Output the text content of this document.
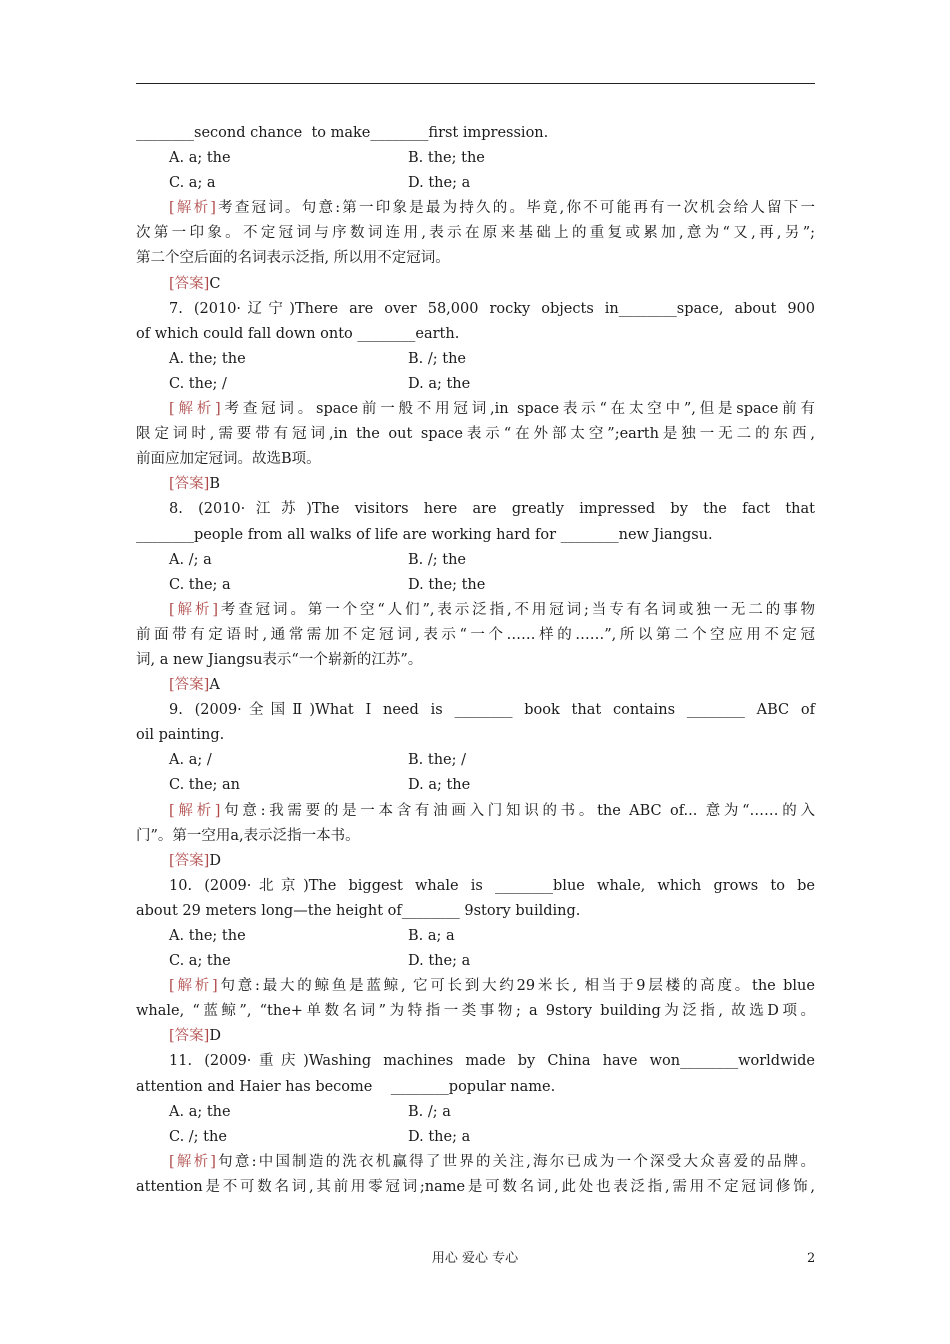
________second chance  to make________first impression.
A. a; the	B. the; the
C. a; a	D. the; a
[解析]考查冠词。句意:第一印象是最为持久的。毕竟,你不可能再有一次机会给人留下一
次第一印象。不定冠词与序数词连用,表示在原来基础上的重复或累加,意为“又,再,另”;
第二个空后面的名词表示泛指, 所以用不定冠词。
[答案]C
7. (2010·辽宁)There are over 58,000 rocky objects in________space, about 900
of which could fall down onto ________earth.
A. the; the	B. /; the
C. the; /	D. a; the
[解析]考查冠词。space前一般不用冠词,in space表示“在太空中”,但是space前有
限定词时,需要带有冠词,in the out space表示“在外部太空”;earth是独一无二的东西,
前面应加定冠词。故选B项。
[答案]B
8. (2010·江苏)The visitors here are greatly impressed by the fact that
________people from all walks of life are working hard for ________new Jiangsu.
A. /; a	B. /; the
C. the; a	D. the; the
[解析]考查冠词。第一个空“人们”,表示泛指,不用冠词;当专有名词或独一无二的事物
前面带有定语时,通常需加不定冠词,表示“一个……样的……”,所以第二个空应用不定冠
词, a new Jiangsu表示“一个崭新的江苏”。
[答案]A
9. (2009·全国Ⅱ)What I need is ________ book that contains ________ ABC of
oil painting.
A. a; /	B. the; /
C. the; an	D. a; the
[解析]句意:我需要的是一本含有油画入门知识的书。the ABC of... 意为“……的入
门”。第一空用a,表示泛指一本书。
[答案]D
10. (2009·北京)The biggest whale is ________blue whale, which grows to be
about 29 meters long—the height of________ 9story building.
A. the; the	B. a; a
C. a; the	D. the; a
[解析]句意:最大的鲸鱼是蓝鲸, 它可长到大约29米长, 相当于9层楼的高度。the blue
whale, “蓝鲸”, “the+单数名词”为特指一类事物; a 9story building为泛指, 故选D项。
[答案]D
11. (2009·重庆)Washing machines made by China have won________worldwide
attention and Haier has become    ________popular name.
A. a; the	B. /; a
C. /; the	D. the; a
[解析]句意:中国制造的洗衣机赢得了世界的关注,海尔已成为一个深受大众喜爱的品牌。
attention是不可数名词,其前用零冠词;name是可数名词,此处也表泛指,需用不定冠词修饰,
用心 爱心 专心	2
